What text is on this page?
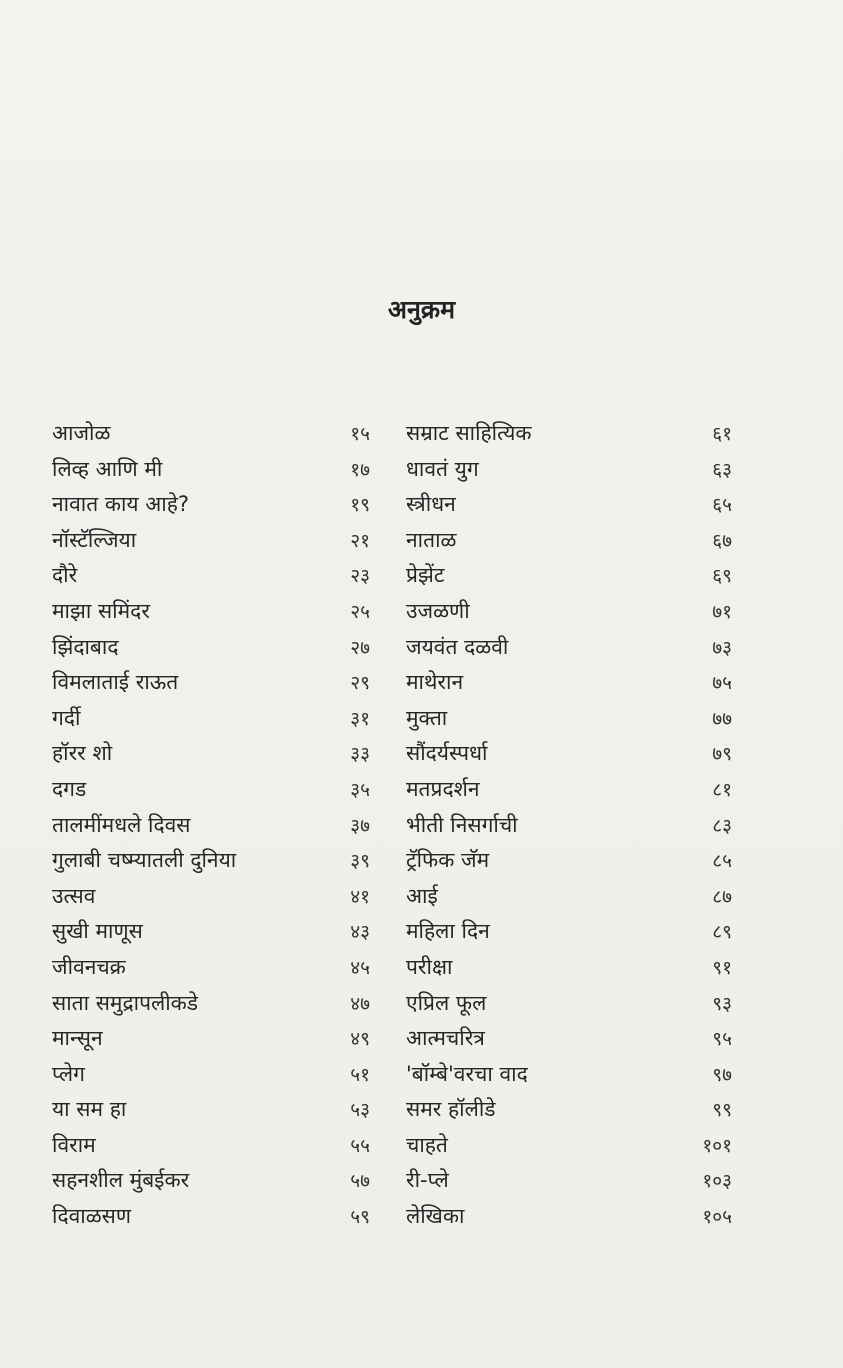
अनुक्रम
आजोळ	१५
लिव्ह आणि मी	१७
नावात काय आहे?	१९
नॉस्टॅल्जिया	२१
दौरे	२३
माझा समिंदर	२५
झिंदाबाद	२७
विमलाताई राऊत	२९
गर्दी	३१
हॉरर शो	३३
दगड	३५
तालमींमधले दिवस	३७
गुलाबी चष्म्यातली दुनिया	३९
उत्सव	४१
सुखी माणूस	४३
जीवनचक्र	४५
साता समुद्रापलीकडे	४७
मान्सून	४९
प्लेग	५१
या सम हा	५३
विराम	५५
सहनशील मुंबईकर	५७
दिवाळसण	५९
सम्राट साहित्यिक	६१
धावतं युग	६३
स्त्रीधन	६५
नाताळ	६७
प्रेझेंट	६९
उजळणी	७१
जयवंत दळवी	७३
माथेरान	७५
मुक्ता	७७
सौंदर्यस्पर्धा	७९
मतप्रदर्शन	८१
भीती निसर्गाची	८३
ट्रॅफिक जॅम	८५
आई	८७
महिला दिन	८९
परीक्षा	९१
एप्रिल फूल	९३
आत्मचरित्र	९५
'बॉम्बे'वरचा वाद	९७
समर हॉलीडे	९९
चाहते	१०१
री-प्ले	१०३
लेखिका	१०५
